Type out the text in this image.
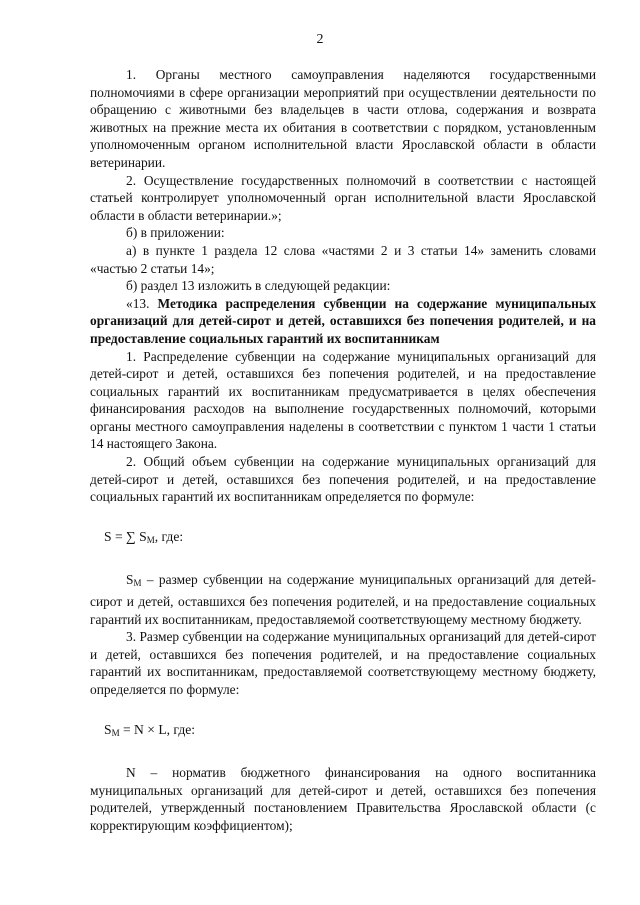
2

1. Органы местного самоуправления наделяются государственными полномочиями в сфере организации мероприятий при осуществлении деятельности по обращению с животными без владельцев в части отлова, содержания и возврата животных на прежние места их обитания в соответствии с порядком, установленным уполномоченным органом исполнительной власти Ярославской области в области ветеринарии.

2. Осуществление государственных полномочий в соответствии с настоящей статьей контролирует уполномоченный орган исполнительной власти Ярославской области в области ветеринарии.»;

б) в приложении:

а) в пункте 1 раздела 12 слова «частями 2 и 3 статьи 14» заменить словами «частью 2 статьи 14»;

б) раздел 13 изложить в следующей редакции:

«13. Методика распределения субвенции на содержание муниципальных организаций для детей-сирот и детей, оставшихся без попечения родителей, и на предоставление социальных гарантий их воспитанникам

1. Распределение субвенции на содержание муниципальных организаций для детей-сирот и детей, оставшихся без попечения родителей, и на предоставление социальных гарантий их воспитанникам предусматривается в целях обеспечения финансирования расходов на выполнение государственных полномочий, которыми органы местного самоуправления наделены в соответствии с пунктом 1 части 1 статьи 14 настоящего Закона.

2. Общий объем субвенции на содержание муниципальных организаций для детей-сирот и детей, оставшихся без попечения родителей, и на предоставление социальных гарантий их воспитанникам определяется по формуле:

S = ∑ $S_М$, где:

$S_М$ – размер субвенции на содержание муниципальных организаций для детей-сирот и детей, оставшихся без попечения родителей, и на предоставление социальных гарантий их воспитанникам, предоставляемой соответствующему местному бюджету.

3. Размер субвенции на содержание муниципальных организаций для детей-сирот и детей, оставшихся без попечения родителей, и на предоставление социальных гарантий их воспитанникам, предоставляемой соответствующему местному бюджету, определяется по формуле:

$S_М = N \times L$, где:

N – норматив бюджетного финансирования на одного воспитанника муниципальных организаций для детей-сирот и детей, оставшихся без попечения родителей, утвержденный постановлением Правительства Ярославской области (с корректирующим коэффициентом);
